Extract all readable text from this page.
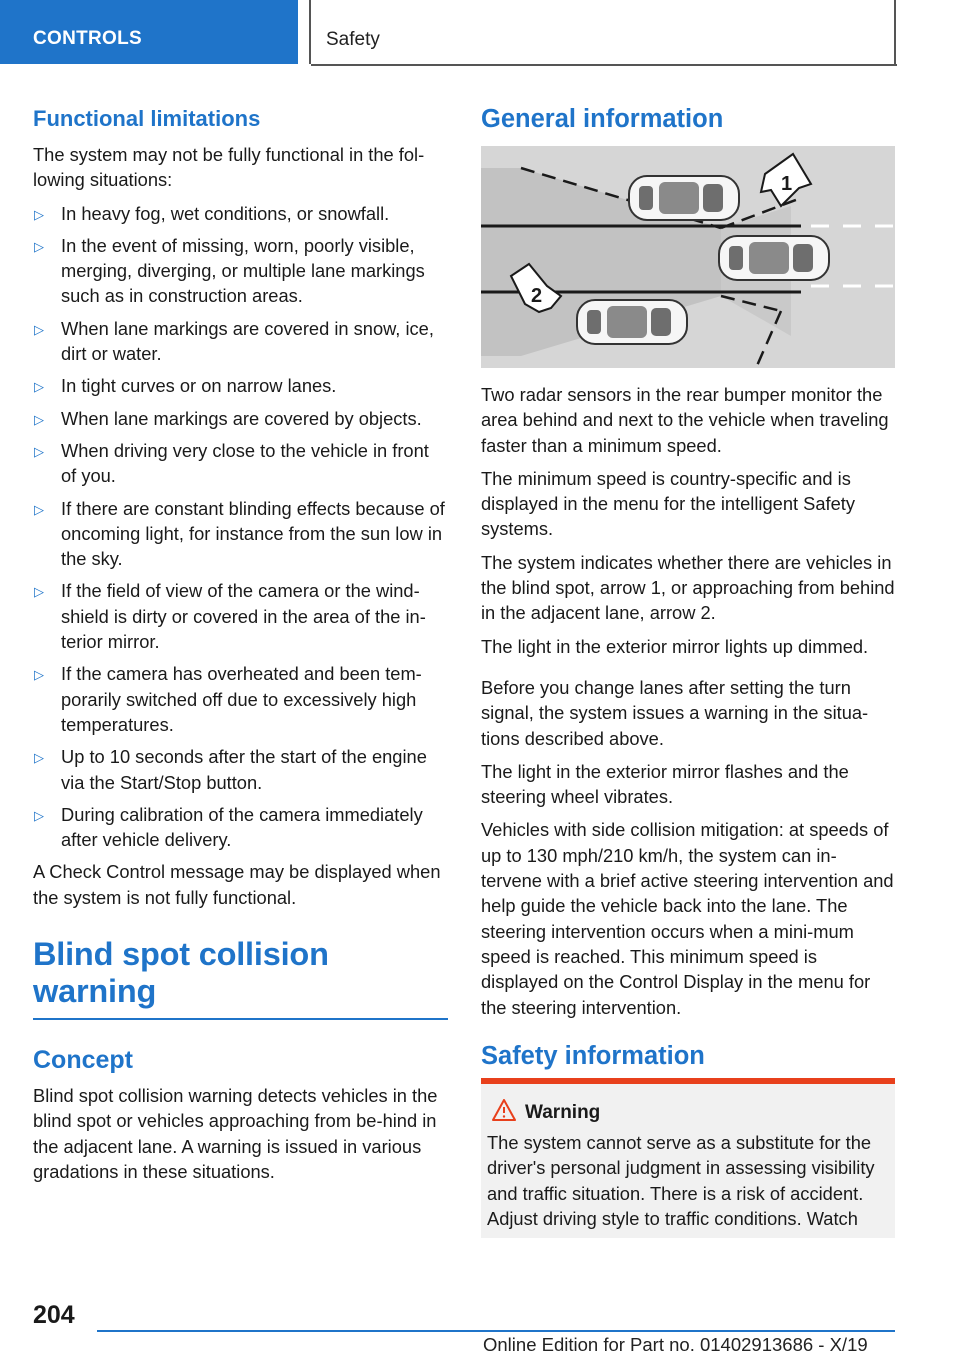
CONTROLS	Safety
Functional limitations

The system may not be fully functional in the fol‐lowing situations:

▷ In heavy fog, wet conditions, or snowfall.
▷ In the event of missing, worn, poorly visible, merging, diverging, or multiple lane markings such as in construction areas.
▷ When lane markings are covered in snow, ice, dirt or water.
▷ In tight curves or on narrow lanes.
▷ When lane markings are covered by objects.
▷ When driving very close to the vehicle in front of you.
▷ If there are constant blinding effects because of oncoming light, for instance from the sun low in the sky.
▷ If the field of view of the camera or the wind‐shield is dirty or covered in the area of the in‐terior mirror.
▷ If the camera has overheated and been tem‐porarily switched off due to excessively high temperatures.
▷ Up to 10 seconds after the start of the engine via the Start/Stop button.
▷ During calibration of the camera immediately after vehicle delivery.

A Check Control message may be displayed when the system is not fully functional.

Blind spot collision warning
Concept

Blind spot collision warning detects vehicles in the blind spot or vehicles approaching from be‐hind in the adjacent lane. A warning is issued in various gradations in these situations.

General information
1
2

Two radar sensors in the rear bumper monitor the area behind and next to the vehicle when traveling faster than a minimum speed.

The minimum speed is country-specific and is displayed in the menu for the intelligent Safety systems.

The system indicates whether there are vehicles in the blind spot, arrow 1, or approaching from behind in the adjacent lane, arrow 2.

The light in the exterior mirror lights up dimmed.

Before you change lanes after setting the turn signal, the system issues a warning in the situa‐tions described above.

The light in the exterior mirror flashes and the steering wheel vibrates.

Vehicles with side collision mitigation: at speeds of up to 130 mph/210 km/h, the system can in‐tervene with a brief active steering intervention and help guide the vehicle back into the lane. The steering intervention occurs when a mini‐mum speed is reached. This minimum speed is displayed on the Control Display in the menu for the steering intervention.

Safety information
Warning
The system cannot serve as a substitute for the driver's personal judgment in assessing visibility and traffic situation. There is a risk of accident. Adjust driving style to traffic conditions. Watch
204
Online Edition for Part no. 01402913686 - X/19
